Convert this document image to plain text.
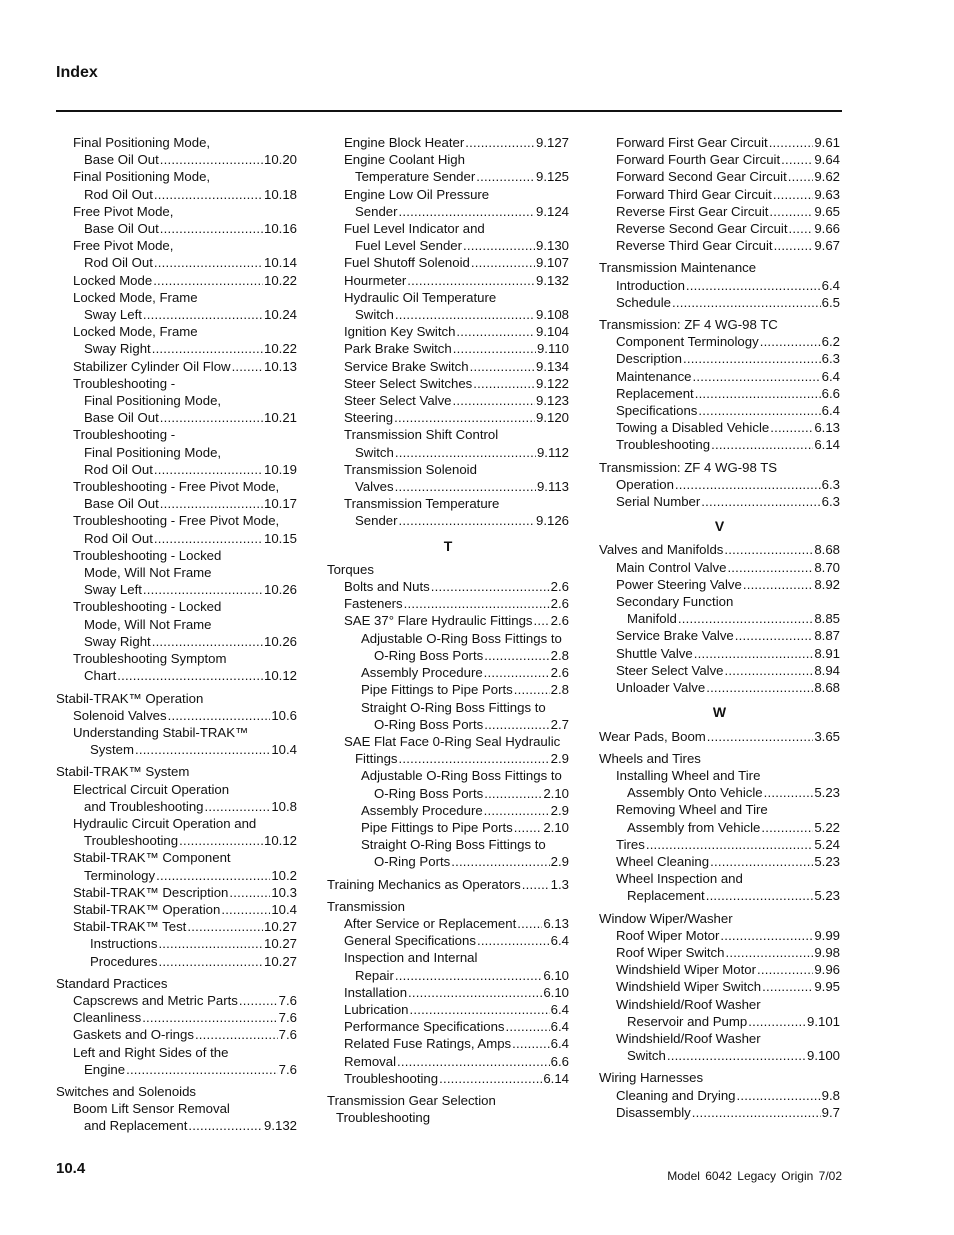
Index
Final Positioning Mode,
Base Oil Out .....	10.20
Final Positioning Mode,
Rod Oil Out .....	10.18
Free Pivot Mode,
Base Oil Out .....	10.16
Free Pivot Mode,
Rod Oil Out .....	10.14
Locked Mode .....	10.22
Locked Mode, Frame
Sway Left .....	10.24
Locked Mode, Frame
Sway Right .....	10.22
Stabilizer Cylinder Oil Flow .....	10.13
Troubleshooting -
Final Positioning Mode,
Base Oil Out .....	10.21
Troubleshooting -
Final Positioning Mode,
Rod Oil Out .....	10.19
Troubleshooting - Free Pivot Mode,
Base Oil Out .....	10.17
Troubleshooting - Free Pivot Mode,
Rod Oil Out .....	10.15
Troubleshooting - Locked
Mode, Will Not Frame
Sway Left .....	10.26
Troubleshooting - Locked
Mode, Will Not Frame
Sway Right .....	10.26
Troubleshooting Symptom
Chart .....	10.12
Stabil-TRAK™ Operation
Solenoid Valves .....	10.6
Understanding Stabil-TRAK™
System .....	10.4
Stabil-TRAK™ System
Electrical Circuit Operation
and Troubleshooting .....	10.8
Hydraulic Circuit Operation and
Troubleshooting .....	10.12
Stabil-TRAK™ Component
Terminology .....	10.2
Stabil-TRAK™ Description .....	10.3
Stabil-TRAK™ Operation .....	10.4
Stabil-TRAK™ Test .....	10.27
Instructions .....	10.27
Procedures .....	10.27
Standard Practices
Capscrews and Metric Parts .....	7.6
Cleanliness .....	7.6
Gaskets and O-rings .....	7.6
Left and Right Sides of the
Engine .....	7.6
Switches and Solenoids
Boom Lift Sensor Removal
and Replacement .....	9.132
Engine Block Heater .....	9.127
Engine Coolant High
Temperature Sender .....	9.125
Engine Low Oil Pressure
Sender .....	9.124
Fuel Level Indicator and
Fuel Level Sender .....	9.130
Fuel Shutoff Solenoid .....	9.107
Hourmeter .....	9.132
Hydraulic Oil Temperature
Switch .....	9.108
Ignition Key Switch .....	9.104
Park Brake Switch .....	9.110
Service Brake Switch .....	9.134
Steer Select Switches .....	9.122
Steer Select Valve .....	9.123
Steering .....	9.120
Transmission Shift Control
Switch .....	9.112
Transmission Solenoid
Valves .....	9.113
Transmission Temperature
Sender .....	9.126
T
Torques
Bolts and Nuts .....	2.6
Fasteners .....	2.6
SAE 37° Flare Hydraulic Fittings ..... 2.6
Adjustable O-Ring Boss Fittings to
O-Ring Boss Ports .....	2.8
Assembly Procedure .....	2.6
Pipe Fittings to Pipe Ports .....	2.8
Straight O-Ring Boss Fittings to
O-Ring Boss Ports .....	2.7
SAE Flat Face 0-Ring Seal Hydraulic
Fittings .....	2.9
Adjustable O-Ring Boss Fittings to
O-Ring Boss Ports .....	2.10
Assembly Procedure .....	2.9
Pipe Fittings to Pipe Ports ..... 2.10
Straight O-Ring Boss Fittings to
O-Ring Ports .....	2.9
Training Mechanics as Operators ..... 1.3
Transmission
After Service or Replacement ..... 6.13
General Specifications .....	6.4
Inspection and Internal
Repair .....	6.10
Installation .....	6.10
Lubrication .....	6.4
Performance Specifications .....	6.4
Related Fuse Ratings, Amps .....	6.4
Removal .....	6.6
Troubleshooting .....	6.14
Transmission Gear Selection
Troubleshooting
Forward First Gear Circuit .....	9.61
Forward Fourth Gear Circuit .....	9.64
Forward Second Gear Circuit ..... 9.62
Forward Third Gear Circuit .....	9.63
Reverse First Gear Circuit .....	9.65
Reverse Second Gear Circuit ..... 9.66
Reverse Third Gear Circuit .....	9.67
Transmission Maintenance
Introduction .....	6.4
Schedule .....	6.5
Transmission: ZF 4 WG-98 TC
Component Terminology .....	6.2
Description .....	6.3
Maintenance .....	6.4
Replacement .....	6.6
Specifications .....	6.4
Towing a Disabled Vehicle .....	6.13
Troubleshooting .....	6.14
Transmission: ZF 4 WG-98 TS
Operation .....	6.3
Serial Number .....	6.3
V
Valves and Manifolds .....	8.68
Main Control Valve .....	8.70
Power Steering Valve .....	8.92
Secondary Function
Manifold .....	8.85
Service Brake Valve .....	8.87
Shuttle Valve .....	8.91
Steer Select Valve .....	8.94
Unloader Valve .....	8.68
W
Wear Pads, Boom .....	3.65
Wheels and Tires
Installing Wheel and Tire
Assembly Onto Vehicle .....	5.23
Removing Wheel and Tire
Assembly from Vehicle .....	5.22
Tires .....	5.24
Wheel Cleaning .....	5.23
Wheel Inspection and
Replacement .....	5.23
Window Wiper/Washer
Roof Wiper Motor .....	9.99
Roof Wiper Switch .....	9.98
Windshield Wiper Motor .....	9.96
Windshield Wiper Switch .....	9.95
Windshield/Roof Washer
Reservoir and Pump .....	9.101
Windshield/Roof Washer
Switch .....	9.100
Wiring Harnesses
Cleaning and Drying .....	9.8
Disassembly .....	9.7
10.4	Model 6042 Legacy Origin 7/02
